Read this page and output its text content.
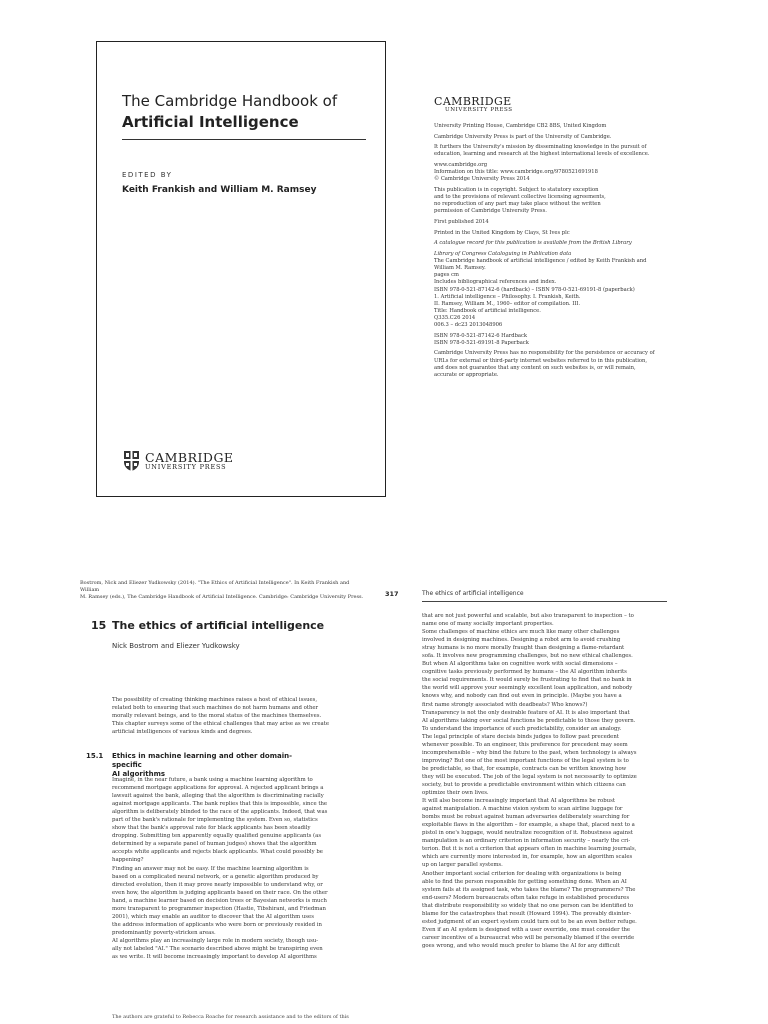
The Cambridge Handbook of
Artificial Intelligence
EDITED BY
Keith Frankish and William M. Ramsey
CAMBRIDGE
UNIVERSITY PRESS
CAMBRIDGE
UNIVERSITY PRESS
University Printing House, Cambridge CB2 8BS, United Kingdom
Cambridge University Press is part of the University of Cambridge.
It furthers the University's mission by disseminating knowledge in the pursuit of
education, learning and research at the highest international levels of excellence.
www.cambridge.org
Information on this title: www.cambridge.org/9780521691918
© Cambridge University Press 2014
This publication is in copyright. Subject to statutory exception
and to the provisions of relevant collective licensing agreements,
no reproduction of any part may take place without the written
permission of Cambridge University Press.
First published 2014
Printed in the United Kingdom by Clays, St Ives plc
A catalogue record for this publication is available from the British Library
Library of Congress Cataloguing in Publication data
The Cambridge handbook of artificial intelligence / edited by Keith Frankish and
William M. Ramsey.
pages cm
Includes bibliographical references and index.
ISBN 978-0-521-87142-6 (hardback) – ISBN 978-0-521-69191-8 (paperback)
1. Artificial intelligence – Philosophy. I. Frankish, Keith.
II. Ramsey, William M., 1960– editor of compilation. III.
Title: Handbook of artificial intelligence.
Q335.C26 2014
006.3 – dc23 2013048906
ISBN 978-0-521-87142-6 Hardback
ISBN 978-0-521-69191-8 Paperback
Cambridge University Press has no responsibility for the persistence or accuracy of
URLs for external or third-party internet websites referred to in this publication,
and does not guarantee that any content on such websites is, or will remain,
accurate or appropriate.
Bostrom, Nick and Eliezer Yudkowsky (2014). "The Ethics of Artificial Intelligence". In Keith Frankish and William
M. Ramsey (eds.), The Cambridge Handbook of Artificial Intelligence. Cambridge: Cambridge University Press.	317	The ethics of artificial intelligence
15 The ethics of artificial intelligence
Nick Bostrom and Eliezer Yudkowsky
The possibility of creating thinking machines raises a host of ethical issues,
related both to ensuring that such machines do not harm humans and other
morally relevant beings, and to the moral status of the machines themselves.
This chapter surveys some of the ethical challenges that may arise as we create
artificial intelligences of various kinds and degrees.
15.1 Ethics in machine learning and other domain-specific
AI algorithms
Imagine, in the near future, a bank using a machine learning algorithm to
recommend mortgage applications for approval. A rejected applicant brings a
lawsuit against the bank, alleging that the algorithm is discriminating racially
against mortgage applicants. The bank replies that this is impossible, since the
algorithm is deliberately blinded to the race of the applicants. Indeed, that was
part of the bank's rationale for implementing the system. Even so, statistics
show that the bank's approval rate for black applicants has been steadily
dropping. Submitting ten apparently equally qualified genuine applicants (as
determined by a separate panel of human judges) shows that the algorithm
accepts white applicants and rejects black applicants. What could possibly be
happening?
Finding an answer may not be easy. If the machine learning algorithm is
based on a complicated neural network, or a genetic algorithm produced by
directed evolution, then it may prove nearly impossible to understand why, or
even how, the algorithm is judging applicants based on their race. On the other
hand, a machine learner based on decision trees or Bayesian networks is much
more transparent to programmer inspection (Hastie, Tibshirani, and Friedman
2001), which may enable an auditor to discover that the AI algorithm uses
the address information of applicants who were born or previously resided in
predominantly poverty-stricken areas.
AI algorithms play an increasingly large role in modern society, though usu-
ally not labeled "AI." The scenario described above might be transpiring even
as we write. It will become increasingly important to develop AI algorithms
The authors are grateful to Rebecca Roache for research assistance and to the editors of this
that are not just powerful and scalable, but also transparent to inspection – to
name one of many socially important properties.
Some challenges of machine ethics are much like many other challenges
involved in designing machines. Designing a robot arm to avoid crushing
stray humans is no more morally fraught than designing a flame-retardant
sofa. It involves new programming challenges, but no new ethical challenges.
But when AI algorithms take on cognitive work with social dimensions –
cognitive tasks previously performed by humans – the AI algorithm inherits
the social requirements. It would surely be frustrating to find that no bank in
the world will approve your seemingly excellent loan application, and nobody
knows why, and nobody can find out even in principle. (Maybe you have a
first name strongly associated with deadbeats? Who knows?)
Transparency is not the only desirable feature of AI. It is also important that
AI algorithms taking over social functions be predictable to those they govern.
To understand the importance of such predictability, consider an analogy.
The legal principle of stare decisis binds judges to follow past precedent
whenever possible. To an engineer, this preference for precedent may seem
incomprehensible – why bind the future to the past, when technology is always
improving? But one of the most important functions of the legal system is to
be predictable, so that, for example, contracts can be written knowing how
they will be executed. The job of the legal system is not necessarily to optimize
society, but to provide a predictable environment within which citizens can
optimize their own lives.
It will also become increasingly important that AI algorithms be robust
against manipulation. A machine vision system to scan airline luggage for
bombs must be robust against human adversaries deliberately searching for
exploitable flaws in the algorithm – for example, a shape that, placed next to a
pistol in one's luggage, would neutralize recognition of it. Robustness against
manipulation is an ordinary criterion in information security – nearly the cri-
terion. But it is not a criterion that appears often in machine learning journals,
which are currently more interested in, for example, how an algorithm scales
up on larger parallel systems.
Another important social criterion for dealing with organizations is being
able to find the person responsible for getting something done. When an AI
system fails at its assigned task, who takes the blame? The programmers? The
end-users? Modern bureaucrats often take refuge in established procedures
that distribute responsibility so widely that no one person can be identified to
blame for the catastrophes that result (Howard 1994). The provably disinter-
ested judgment of an expert system could turn out to be an even better refuge.
Even if an AI system is designed with a user override, one must consider the
career incentive of a bureaucrat who will be personally blamed if the override
goes wrong, and who would much prefer to blame the AI for any difficult
